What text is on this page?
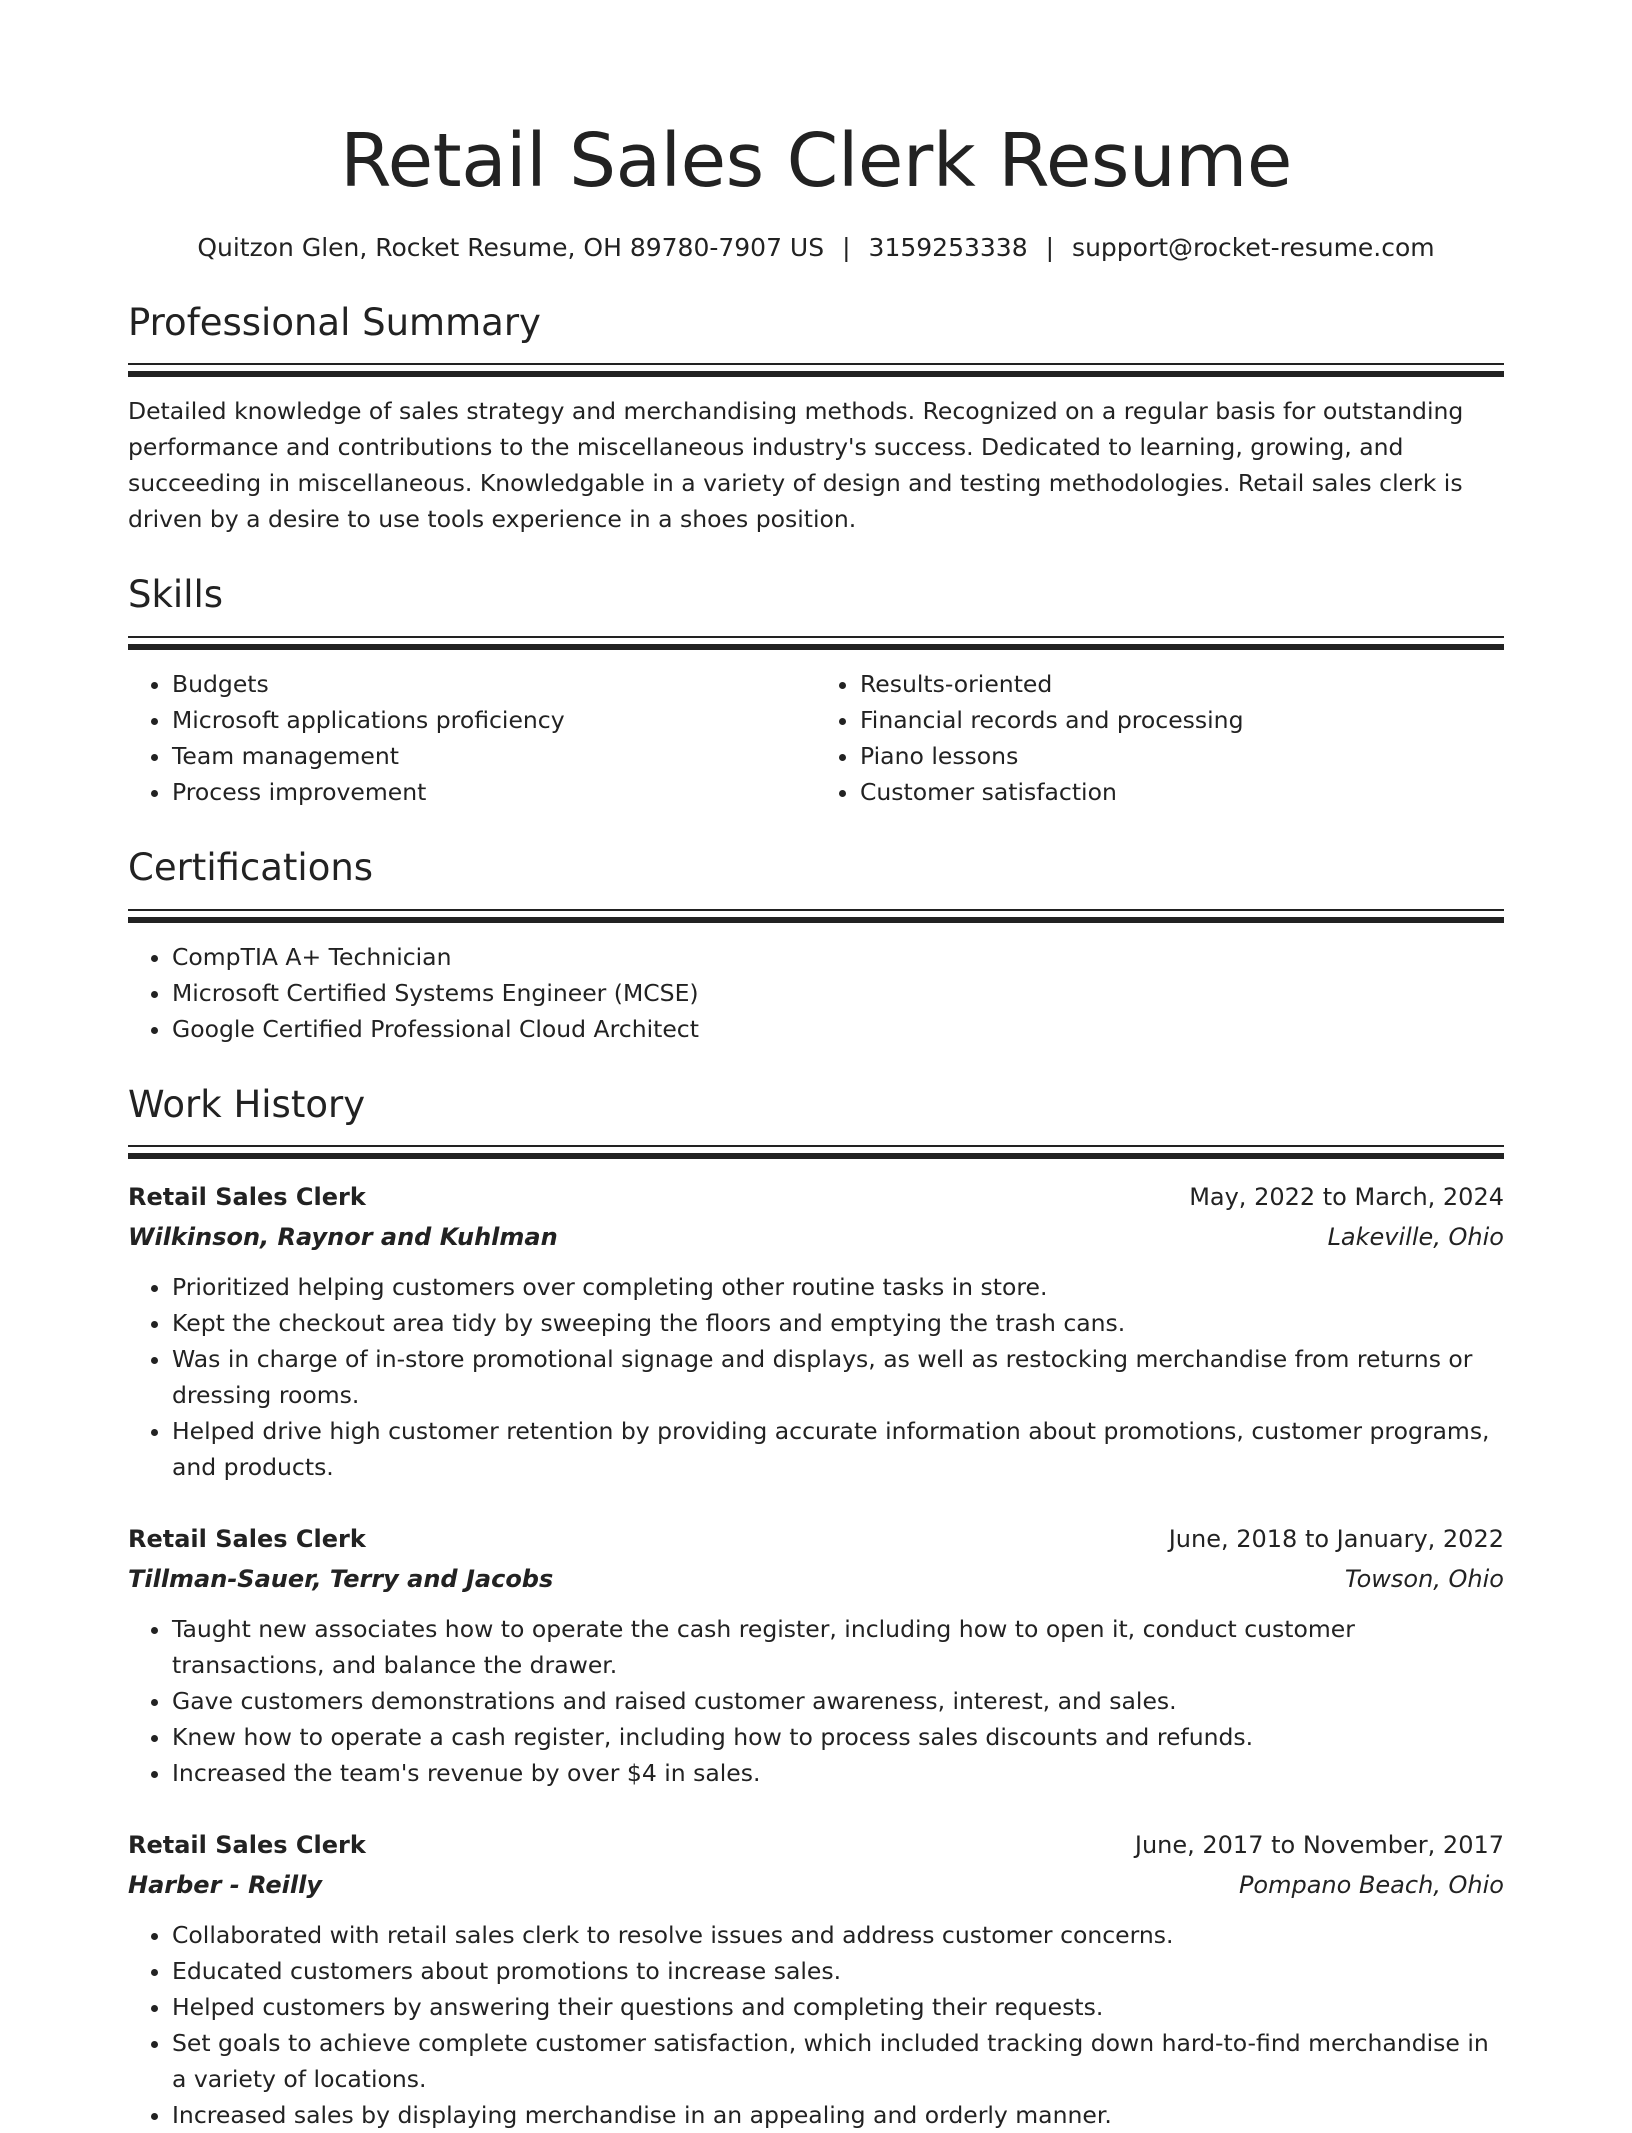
Retail Sales Clerk Resume
Quitzon Glen, Rocket Resume, OH 89780-7907 US | 3159253338 | support@rocket-resume.com
Professional Summary

Detailed knowledge of sales strategy and merchandising methods. Recognized on a regular basis for outstanding performance and contributions to the miscellaneous industry's success. Dedicated to learning, growing, and succeeding in miscellaneous. Knowledgable in a variety of design and testing methodologies. Retail sales clerk is driven by a desire to use tools experience in a shoes position.

Skills
• Budgets
• Microsoft applications proficiency
• Team management
• Process improvement
• Results-oriented
• Financial records and processing
• Piano lessons
• Customer satisfaction
Certifications
• CompTIA A+ Technician
• Microsoft Certified Systems Engineer (MCSE)
• Google Certified Professional Cloud Architect
Work History
Retail Sales Clerk	May, 2022 to March, 2024
Wilkinson, Raynor and Kuhlman	Lakeville, Ohio
• Prioritized helping customers over completing other routine tasks in store.
• Kept the checkout area tidy by sweeping the floors and emptying the trash cans.
• Was in charge of in-store promotional signage and displays, as well as restocking merchandise from returns or dressing rooms.
• Helped drive high customer retention by providing accurate information about promotions, customer programs, and products.
Retail Sales Clerk	June, 2018 to January, 2022
Tillman-Sauer, Terry and Jacobs	Towson, Ohio
• Taught new associates how to operate the cash register, including how to open it, conduct customer transactions, and balance the drawer.
• Gave customers demonstrations and raised customer awareness, interest, and sales.
• Knew how to operate a cash register, including how to process sales discounts and refunds.
• Increased the team's revenue by over $4 in sales.
Retail Sales Clerk	June, 2017 to November, 2017
Harber - Reilly	Pompano Beach, Ohio
• Collaborated with retail sales clerk to resolve issues and address customer concerns.
• Educated customers about promotions to increase sales.
• Helped customers by answering their questions and completing their requests.
• Set goals to achieve complete customer satisfaction, which included tracking down hard-to-find merchandise in a variety of locations.
• Increased sales by displaying merchandise in an appealing and orderly manner.
